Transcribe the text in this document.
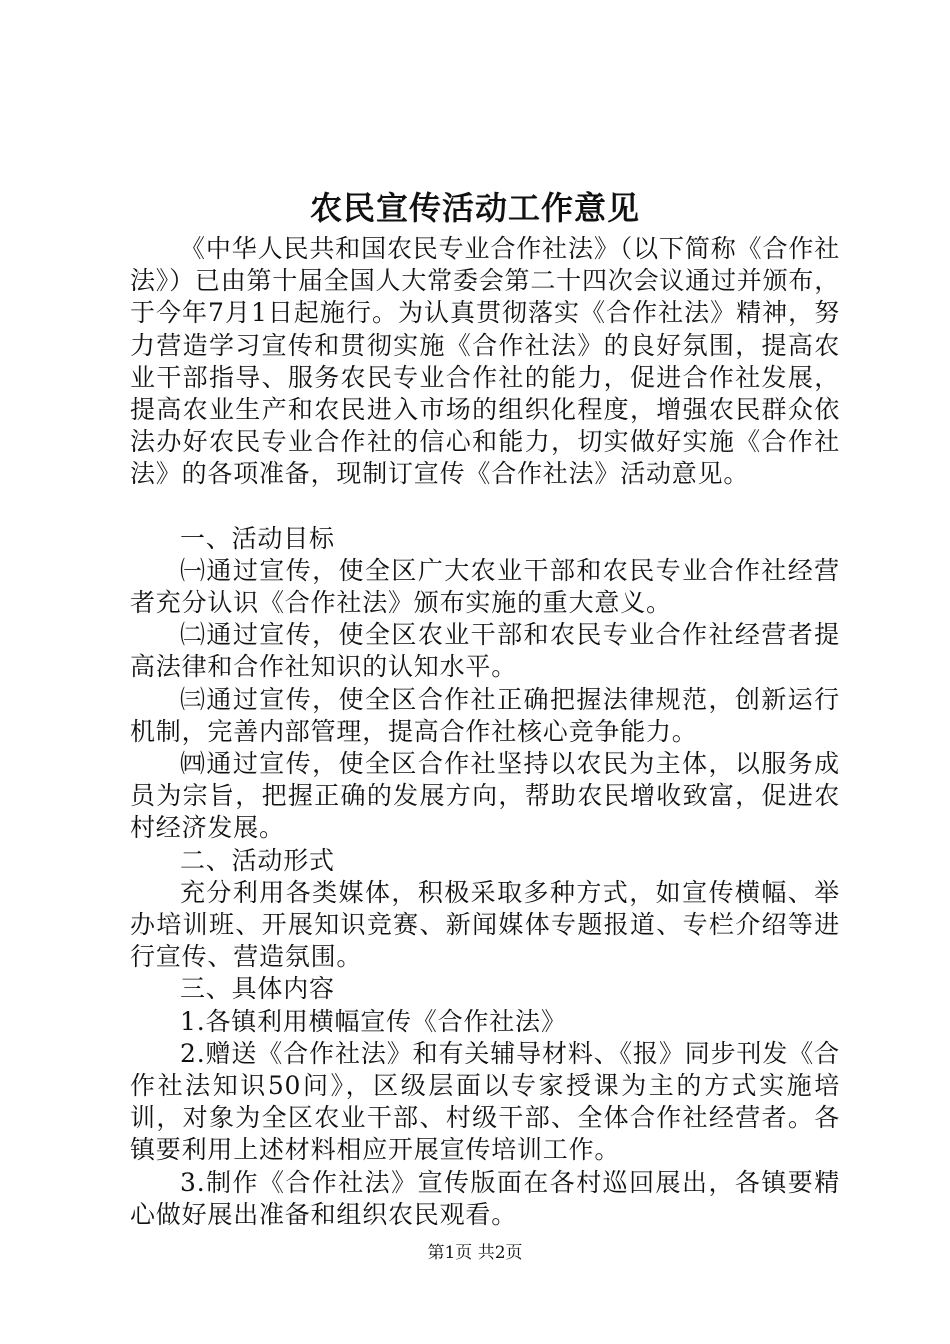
农民宣传活动工作意见

《中华人民共和国农民专业合作社法》（以下简称《合作社法》）已由第十届全国人大常委会第二十四次会议通过并颁布，于今年7月1日起施行。为认真贯彻落实《合作社法》精神，努力营造学习宣传和贯彻实施《合作社法》的良好氛围，提高农业干部指导、服务农民专业合作社的能力，促进合作社发展，提高农业生产和农民进入市场的组织化程度，增强农民群众依法办好农民专业合作社的信心和能力，切实做好实施《合作社法》的各项准备，现制订宣传《合作社法》活动意见。

一、活动目标

㈠通过宣传，使全区广大农业干部和农民专业合作社经营者充分认识《合作社法》颁布实施的重大意义。

㈡通过宣传，使全区农业干部和农民专业合作社经营者提高法律和合作社知识的认知水平。

㈢通过宣传，使全区合作社正确把握法律规范，创新运行机制，完善内部管理，提高合作社核心竞争能力。

㈣通过宣传，使全区合作社坚持以农民为主体，以服务成员为宗旨，把握正确的发展方向，帮助农民增收致富，促进农村经济发展。

二、活动形式

充分利用各类媒体，积极采取多种方式，如宣传横幅、举办培训班、开展知识竞赛、新闻媒体专题报道、专栏介绍等进行宣传、营造氛围。

三、具体内容

1.各镇利用横幅宣传《合作社法》

2.赠送《合作社法》和有关辅导材料、《报》同步刊发《合作社法知识50问》，区级层面以专家授课为主的方式实施培训，对象为全区农业干部、村级干部、全体合作社经营者。各镇要利用上述材料相应开展宣传培训工作。

3.制作《合作社法》宣传版面在各村巡回展出，各镇要精心做好展出准备和组织农民观看。

第1页 共2页
